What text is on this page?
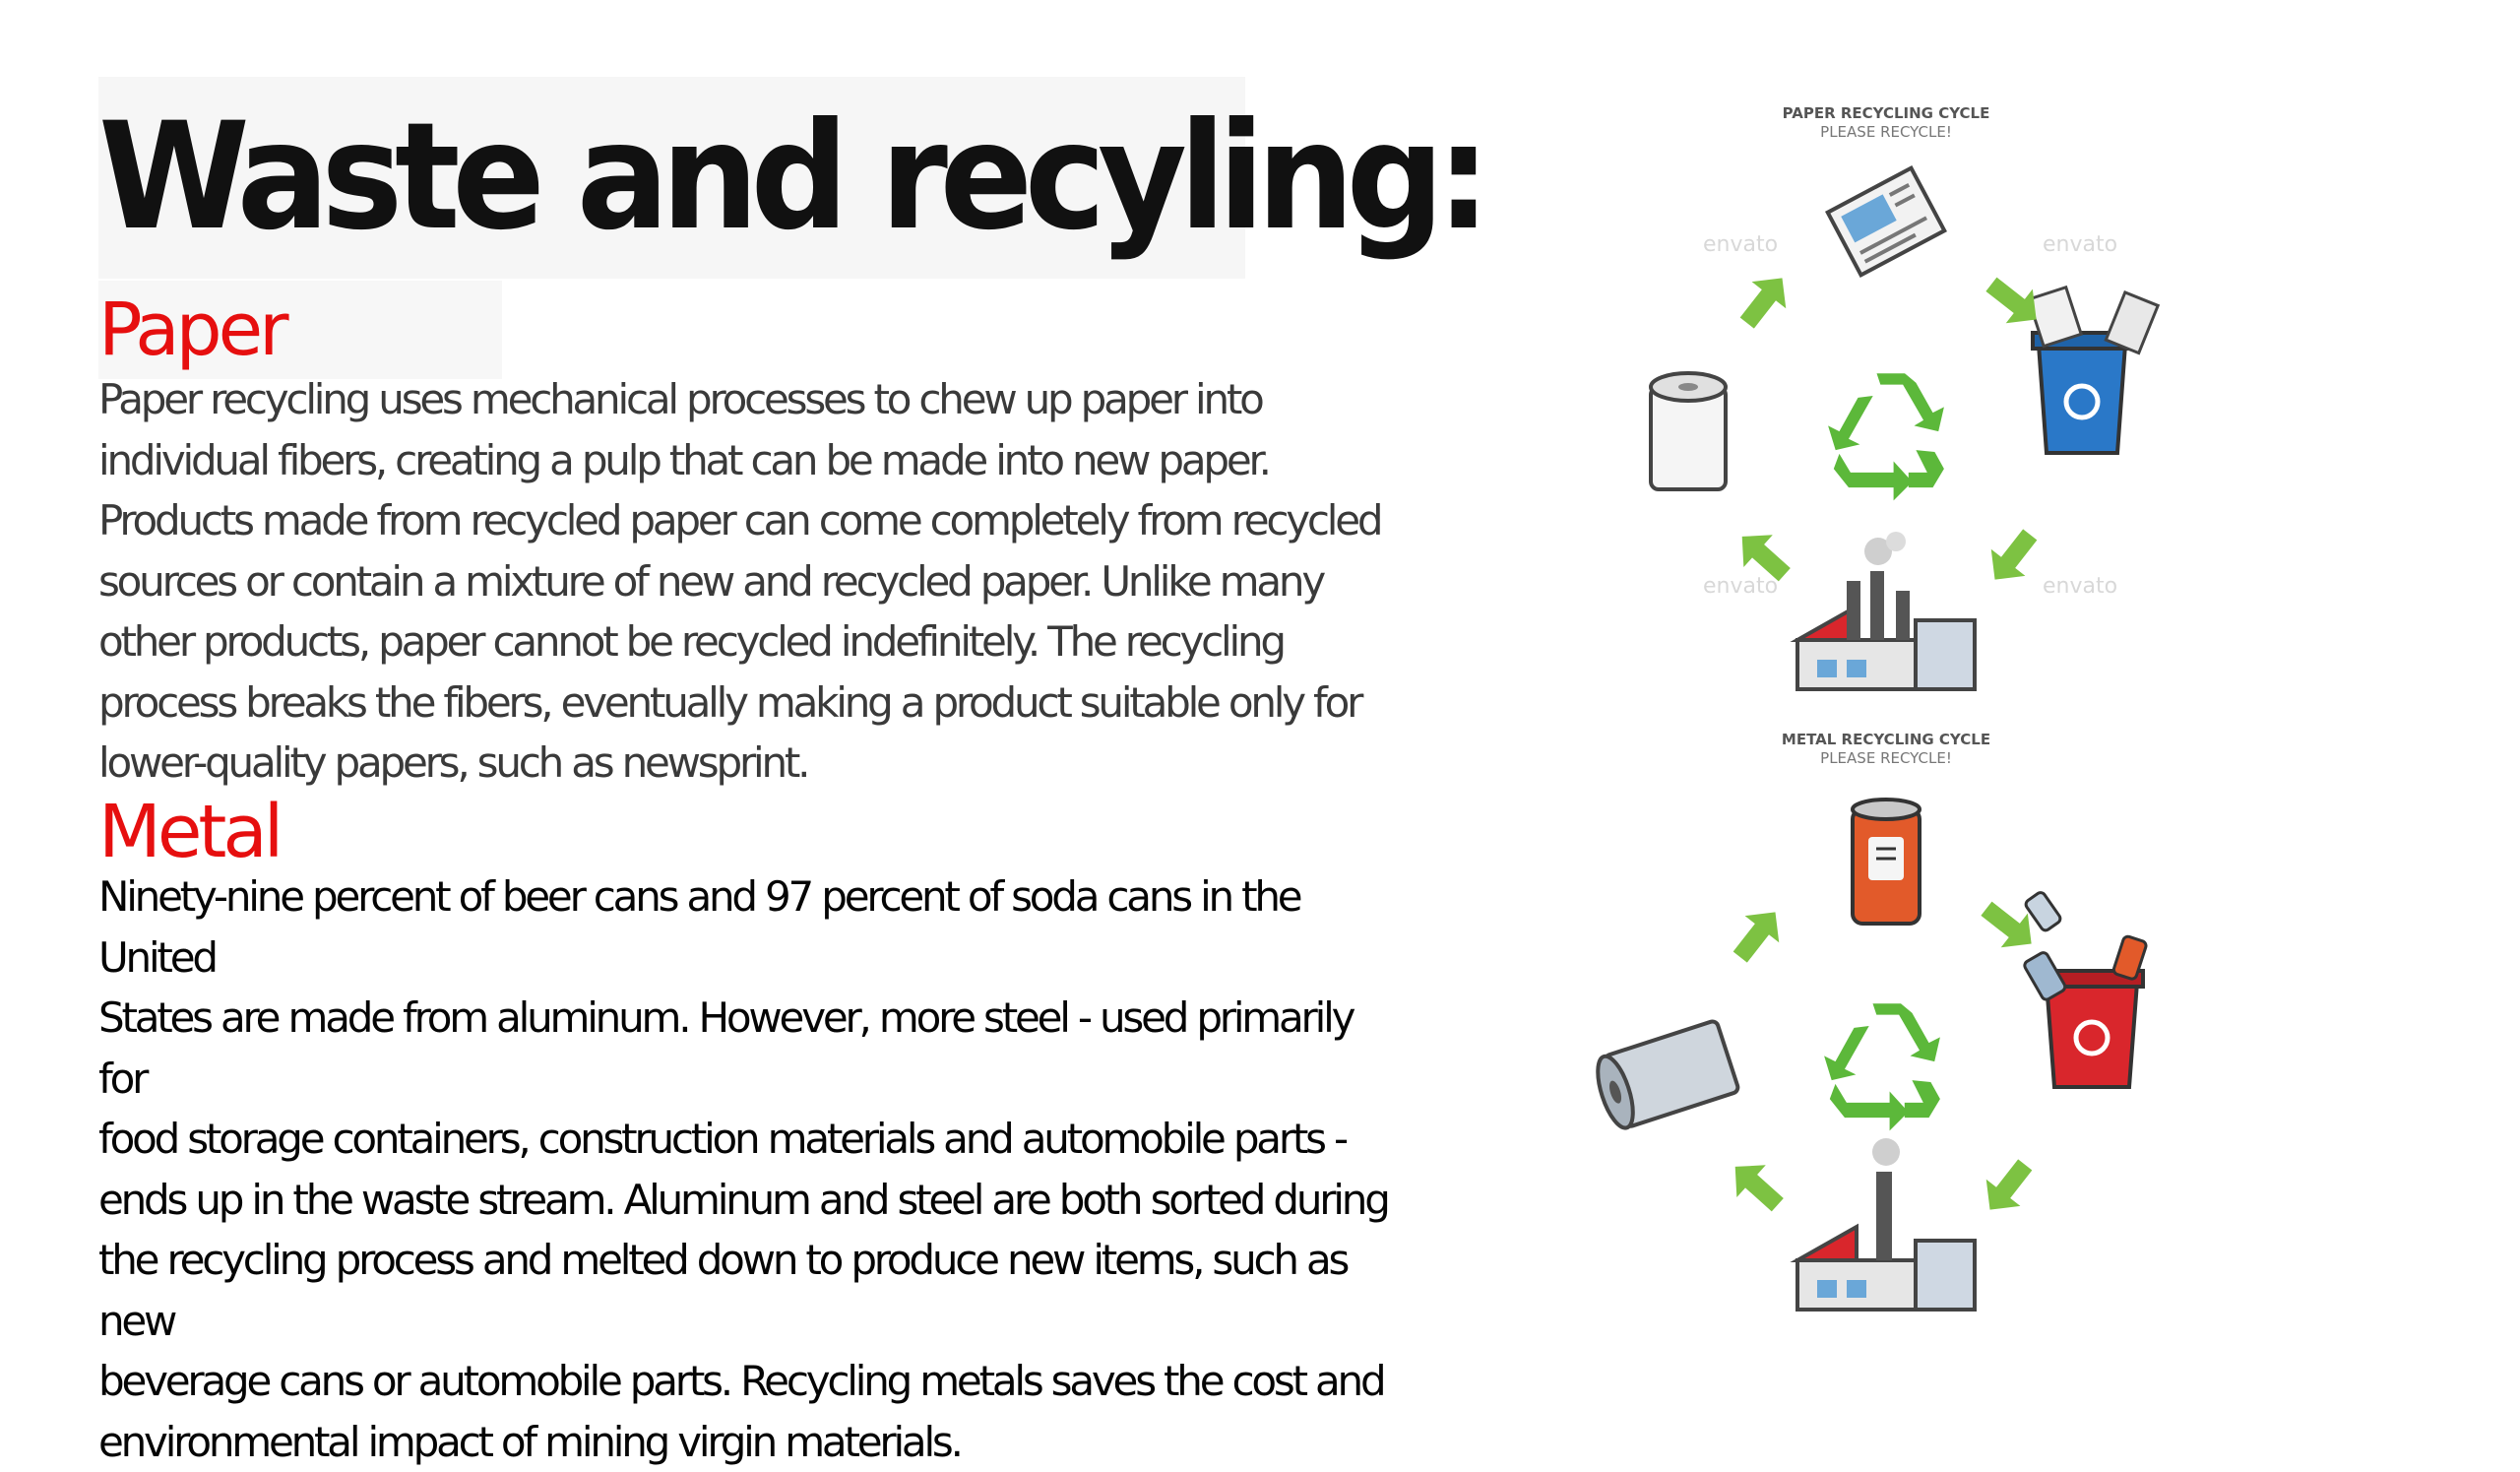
Waste and recyling:
Paper

Paper recycling uses mechanical processes to chew up paper into
individual fibers, creating a pulp that can be made into new paper.
Products made from recycled paper can come completely from recycled
sources or contain a mixture of new and recycled paper. Unlike many
other products, paper cannot be recycled indefinitely. The recycling
process breaks the fibers, eventually making a product suitable only for
lower-quality papers, such as newsprint.

Metal

Ninety-nine percent of beer cans and 97 percent of soda cans in the United
States are made from aluminum. However, more steel - used primarily for
food storage containers, construction materials and automobile parts -
ends up in the waste stream. Aluminum and steel are both sorted during
the recycling process and melted down to produce new items, such as new
beverage cans or automobile parts. Recycling metals saves the cost and
environmental impact of mining virgin materials.

PAPER RECYCLING CYCLE
PLEASE RECYCLE!
envato	envato
envato	envato
METAL RECYCLING CYCLE
PLEASE RECYCLE!
